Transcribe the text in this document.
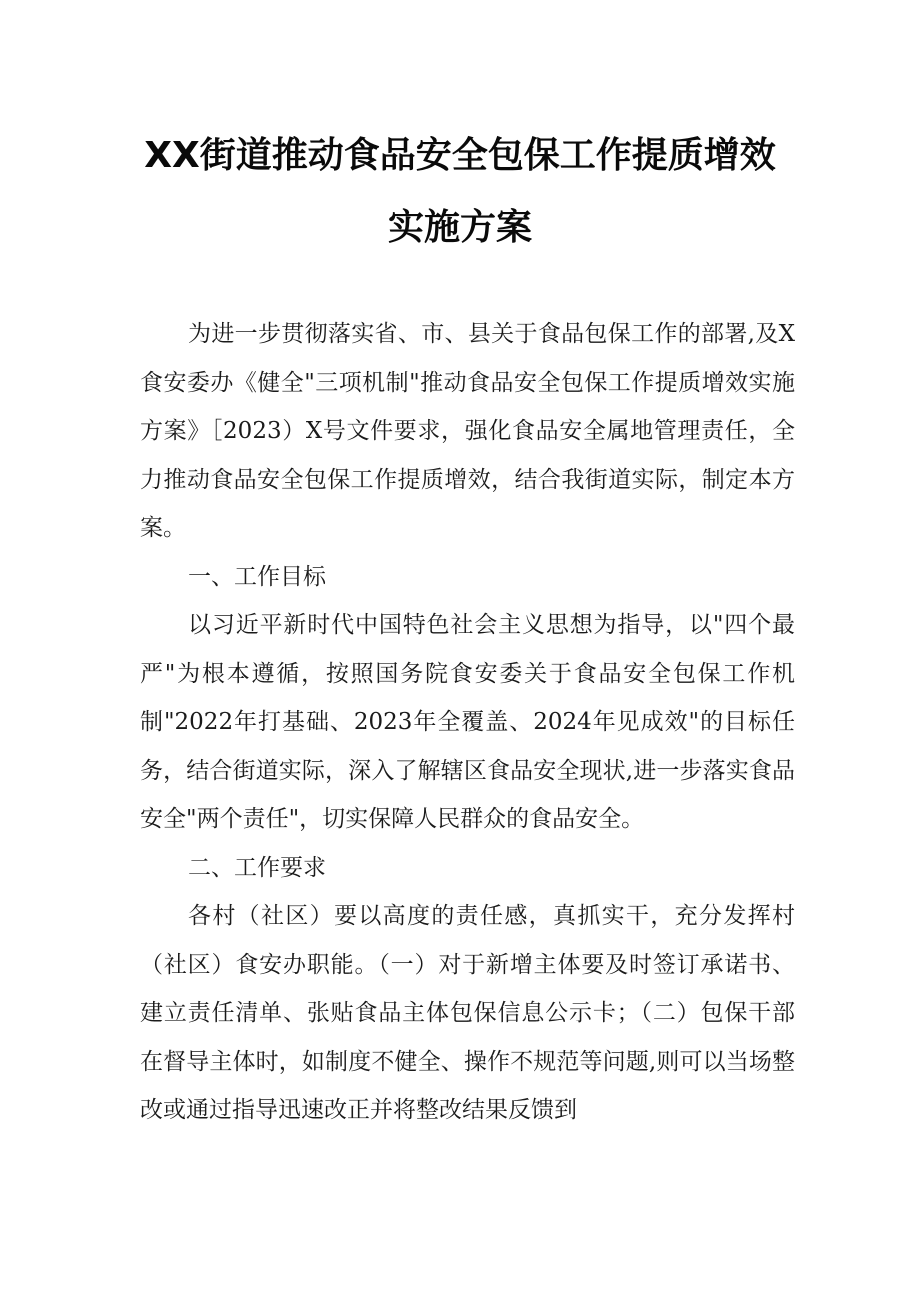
XX街道推动食品安全包保工作提质增效
实施方案

为进一步贯彻落实省、市、县关于食品包保工作的部署,及X食安委办《健全"三项机制"推动食品安全包保工作提质增效实施方案》［2023）X号文件要求，强化食品安全属地管理责任，全力推动食品安全包保工作提质增效，结合我街道实际，制定本方案。

一、工作目标

以习近平新时代中国特色社会主义思想为指导，以"四个最严"为根本遵循，按照国务院食安委关于食品安全包保工作机制"2022年打基础、2023年全覆盖、2024年见成效"的目标任务，结合街道实际，深入了解辖区食品安全现状,进一步落实食品安全"两个责任"，切实保障人民群众的食品安全。

二、工作要求

各村（社区）要以高度的责任感，真抓实干，充分发挥村（社区）食安办职能。（一）对于新增主体要及时签订承诺书、建立责任清单、张贴食品主体包保信息公示卡；（二）包保干部在督导主体时，如制度不健全、操作不规范等问题,则可以当场整改或通过指导迅速改正并将整改结果反馈到
